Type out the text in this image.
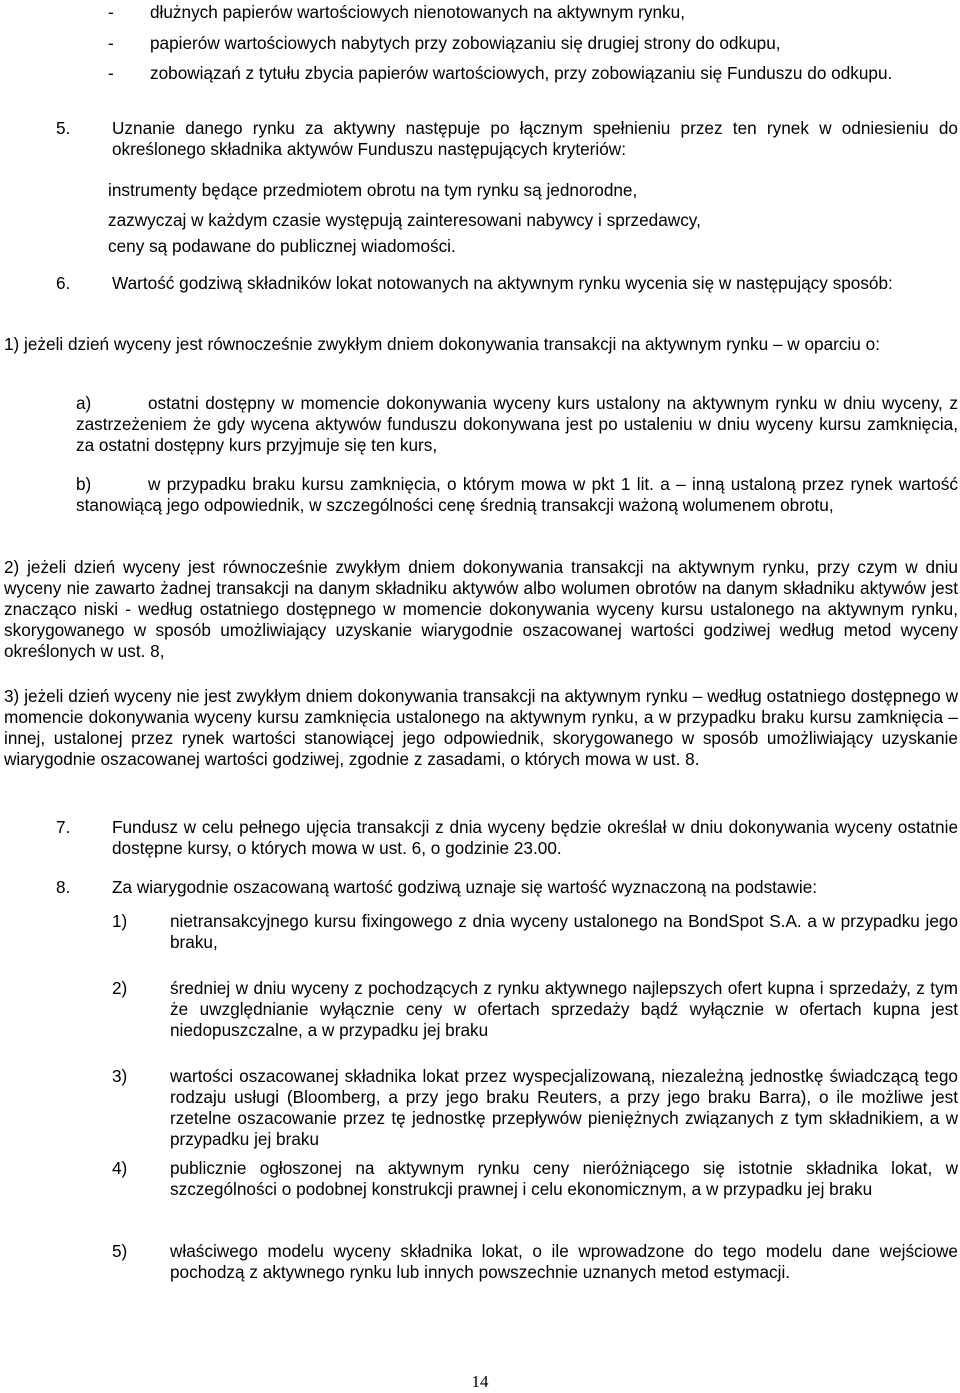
-	dłużnych papierów wartościowych nienotowanych na aktywnym rynku,
-	papierów wartościowych nabytych przy zobowiązaniu się drugiej strony do odkupu,
- zobowiązań z tytułu zbycia papierów wartościowych, przy zobowiązaniu się Funduszu do odkupu.
5.	Uznanie danego rynku za aktywny następuje po łącznym spełnieniu przez ten rynek w odniesieniu do określonego składnika aktywów Funduszu następujących kryteriów:
instrumenty będące przedmiotem obrotu na tym rynku są jednorodne,
zazwyczaj w każdym czasie występują zainteresowani nabywcy i sprzedawcy,
ceny są podawane do publicznej wiadomości.
6.	Wartość godziwą składników lokat notowanych na aktywnym rynku wycenia się w następujący sposób:
1) jeżeli dzień wyceny jest równocześnie zwykłym dniem dokonywania transakcji na aktywnym rynku – w oparciu o:
a)	ostatni dostępny w momencie dokonywania wyceny kurs ustalony na aktywnym rynku w dniu wyceny, z zastrzeżeniem że gdy wycena aktywów funduszu dokonywana jest po ustaleniu w dniu wyceny kursu zamknięcia, za ostatni dostępny kurs przyjmuje się ten kurs,
b)	w przypadku braku kursu zamknięcia, o którym mowa w pkt 1 lit. a – inną ustaloną przez rynek wartość stanowiącą jego odpowiednik, w szczególności cenę średnią transakcji ważoną wolumenem obrotu,
2) jeżeli dzień wyceny jest równocześnie zwykłym dniem dokonywania transakcji na aktywnym rynku, przy czym w dniu wyceny nie zawarto żadnej transakcji na danym składniku aktywów albo wolumen obrotów na danym składniku aktywów jest znacząco niski - według ostatniego dostępnego w momencie dokonywania wyceny kursu ustalonego na aktywnym rynku, skorygowanego w sposób umożliwiający uzyskanie wiarygodnie oszacowanej wartości godziwej według metod wyceny określonych w ust. 8,
3) jeżeli dzień wyceny nie jest zwykłym dniem dokonywania transakcji na aktywnym rynku – według ostatniego dostępnego w momencie dokonywania wyceny kursu zamknięcia ustalonego na aktywnym rynku, a w przypadku braku kursu zamknięcia – innej, ustalonej przez rynek wartości stanowiącej jego odpowiednik, skorygowanego w sposób umożliwiający uzyskanie wiarygodnie oszacowanej wartości godziwej, zgodnie z zasadami, o których mowa w ust. 8.
7.	Fundusz w celu pełnego ujęcia transakcji z dnia wyceny będzie określał w dniu dokonywania wyceny ostatnie dostępne kursy, o których mowa w ust. 6, o godzinie 23.00.
8.	Za wiarygodnie oszacowaną wartość godziwą uznaje się wartość wyznaczoną na podstawie:
1)	nietransakcyjnego kursu fixingowego z dnia wyceny ustalonego na BondSpot S.A. a w przypadku jego braku,
2)	średniej w dniu wyceny z pochodzących z rynku aktywnego najlepszych ofert kupna i sprzedaży, z tym że uwzględnianie wyłącznie ceny w ofertach sprzedaży bądź wyłącznie w ofertach kupna jest niedopuszczalne, a w przypadku jej braku
3)	wartości oszacowanej składnika lokat przez wyspecjalizowaną, niezależną jednostkę świadczącą tego rodzaju usługi (Bloomberg, a przy jego braku Reuters, a przy jego braku Barra), o ile możliwe jest rzetelne oszacowanie przez tę jednostkę przepływów pieniężnych związanych z tym składnikiem, a w przypadku jej braku
4)	publicznie ogłoszonej na aktywnym rynku ceny nieróżniącego się istotnie składnika lokat, w szczególności o podobnej konstrukcji prawnej i celu ekonomicznym, a w przypadku jej braku
5)	właściwego modelu wyceny składnika lokat, o ile wprowadzone do tego modelu dane wejściowe pochodzą z aktywnego rynku lub innych powszechnie uznanych metod estymacji.
14
